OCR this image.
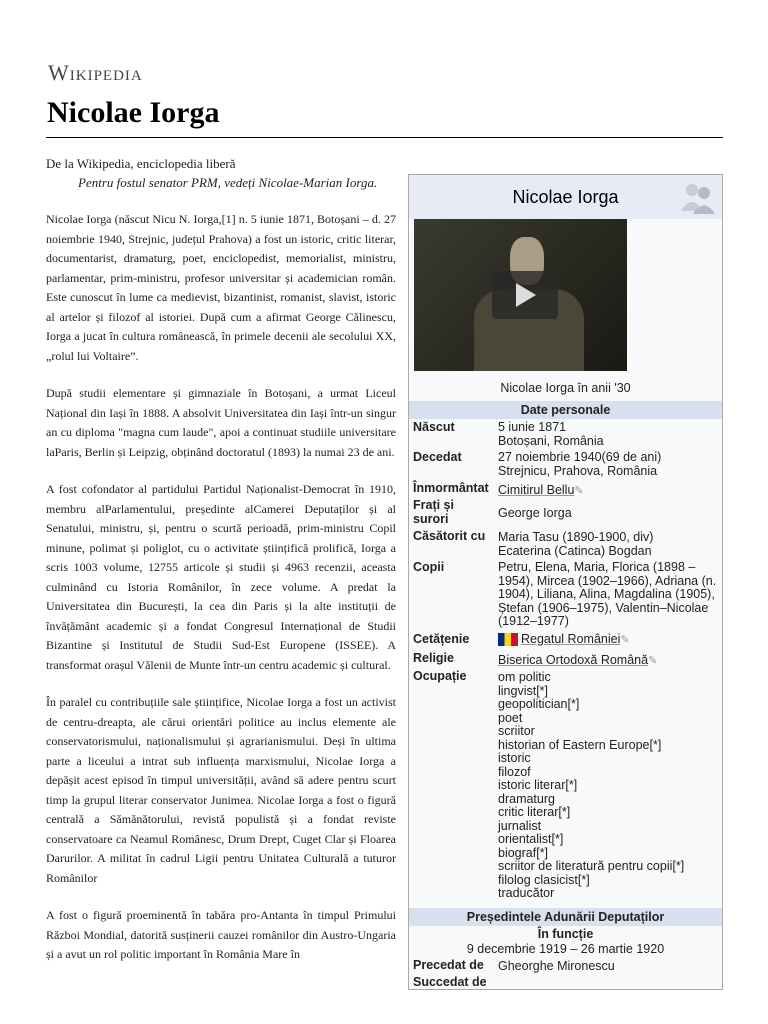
Wikipedia
Nicolae Iorga
De la Wikipedia, enciclopedia liberă
Pentru fostul senator PRM, vedeți Nicolae-Marian Iorga.

Nicolae Iorga (născut Nicu N. Iorga,[1] n. 5 iunie 1871, Botoșani – d. 27 noiembrie 1940, Strejnic, județul Prahova) a fost un istoric, critic literar, documentarist, dramaturg, poet, enciclopedist, memorialist, ministru, parlamentar, prim-ministru, profesor universitar și academician român. Este cunoscut în lume ca medievist, bizantinist, romanist, slavist, istoric al artelor și filozof al istoriei. După cum a afirmat George Călinescu, Iorga a jucat în cultura românească, în primele decenii ale secolului XX, „rolul lui Voltaire”.

După studii elementare și gimnaziale în Botoșani, a urmat Liceul Național din Iași în 1888. A absolvit Universitatea din Iași într-un singur an cu diploma "magna cum laude", apoi a continuat studiile universitare laParis, Berlin și Leipzig, obținând doctoratul (1893) la numai 23 de ani.

A fost cofondator al partidului Partidul Naționalist-Democrat în 1910, membru alParlamentului, președinte alCamerei Deputaților și al Senatului, ministru, și, pentru o scurtă perioadă, prim-ministru Copil minune, polimat și poliglot, cu o activitate științifică prolifică, Iorga a scris 1003 volume, 12755 articole și studii și 4963 recenzii, aceasta culminând cu Istoria Românilor, în zece volume. A predat la Universitatea din București, la cea din Paris și la alte instituții de învățământ academic și a fondat Congresul Internațional de Studii Bizantine și Institutul de Studii Sud-Est Europene (ISSEE). A transformat orașul Vălenii de Munte într-un centru academic și cultural.

În paralel cu contribuțiile sale științifice, Nicolae Iorga a fost un activist de centru-dreapta, ale cărui orientări politice au inclus elemente ale conservatorismului, naționalismului și agrarianismului. Deși în ultima parte a liceului a intrat sub influența marxismului, Nicolae Iorga a depășit acest episod în timpul universității, având să adere pentru scurt timp la grupul literar conservator Junimea. Nicolae Iorga a fost o figură centrală a Sămănătorului, revistă populistă și a fondat reviste conservatoare ca Neamul Românesc, Drum Drept, Cuget Clar și Floarea Darurilor. A militat în cadrul Ligii pentru Unitatea Culturală a tuturor Românilor

A fost o figură proeminentă în tabăra pro-Antanta în timpul Primului Război Mondial, datorită susținerii cauzei românilor din Austro-Ungaria și a avut un rol politic important în România Mare în

Nicolae Iorga
Nicolae Iorga în anii '30
Date personale
Născut	5 iunie 1871
Botoșani, România
Decedat	27 noiembrie 1940(69 de ani)
Strejnicu, Prahova, România
Înmormântat Cimitirul Bellu✎
Frați și surori	George Iorga
Căsătorit cu Maria Tasu (1890-1900, div)
Ecaterina (Catinca) Bogdan
Copii	Petru, Elena, Maria, Florica (1898 – 1954), Mircea (1902–1966), Adriana (n. 1904), Liliana, Alina, Magdalina (1905), Ștefan (1906–1975), Valentin–Nicolae (1912–1977)
Cetățenie	Regatul României✎
Religie	Biserica Ortodoxă Română✎
Ocupație	om politic
lingvist[*]
geopolitician[*]
poet
scriitor
historian of Eastern Europe[*]
istoric
filozof
istoric literar[*]
dramaturg
critic literar[*]
jurnalist
orientalist[*]
biograf[*]
scriitor de literatură pentru copii[*]
filolog clasicist[*]
traducător
Președintele Adunării Deputaților
În funcție
9 decembrie 1919 – 26 martie 1920
Precedat de Gheorghe Mironescu
Succedat de
